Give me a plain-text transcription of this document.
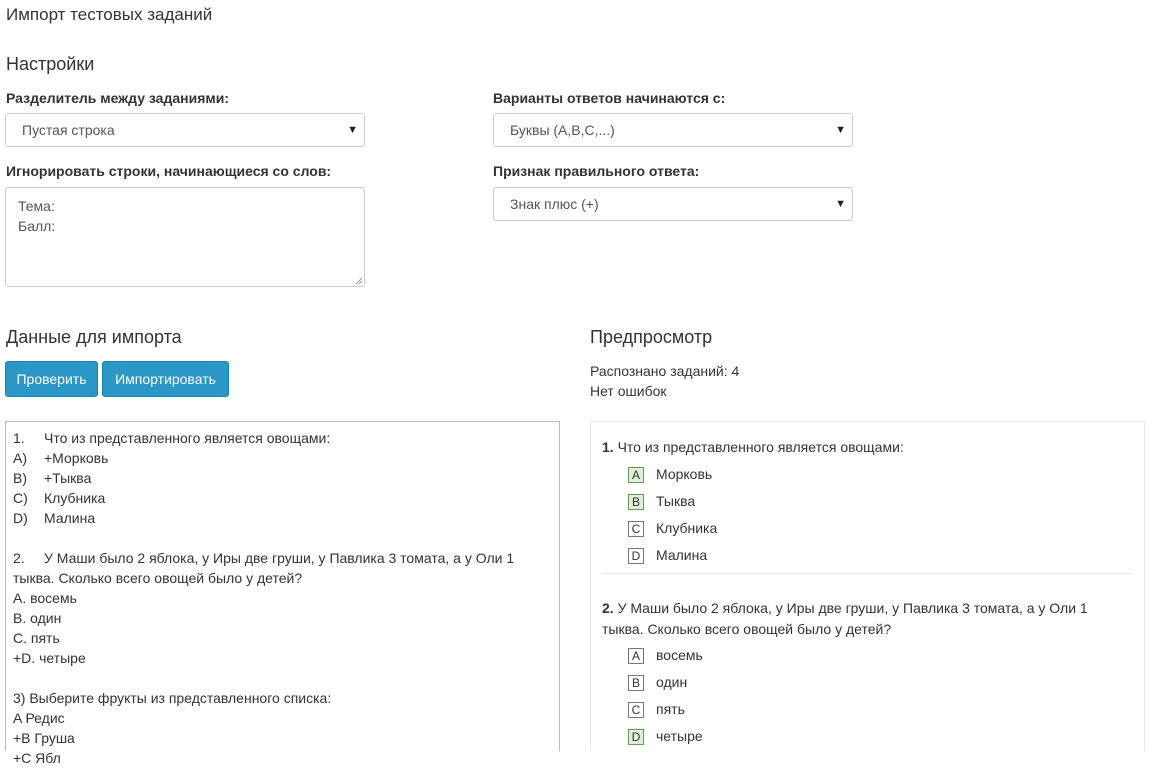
Импорт тестовых заданий
Настройки
Разделитель между заданиями:
Пустая строка	▼
Варианты ответов начинаются с:
Буквы (A,B,C,...)	▼
Игнорировать строки, начинающиеся со слов:
Тема:
Балл:
Признак правильного ответа:
Знак плюс (+)	▼
Данные для импорта
Проверить	Импортировать
1. Что из представленного является овощами:
A) +Морковь
B) +Тыква
C) Клубника
D) Малина
2. У Маши было 2 яблока, у Иры две груши, у Павлика 3 томата, а у Оли 1
тыква. Сколько всего овощей было у детей?
A. восемь
B. один
C. пять
+D. четыре
3) Выберите фрукты из представленного списка:
A Редис
+B Груша
+C Ябл
Предпросмотр
Распознано заданий: 4
Нет ошибок
1. Что из представленного является овощами:
A Морковь
B Тыква
C Клубника
D Малина
2. У Маши было 2 яблока, у Иры две груши, у Павлика 3 томата, а у Оли 1 тыква. Сколько всего овощей было у детей?
A восемь
B один
C пять
D четыре
